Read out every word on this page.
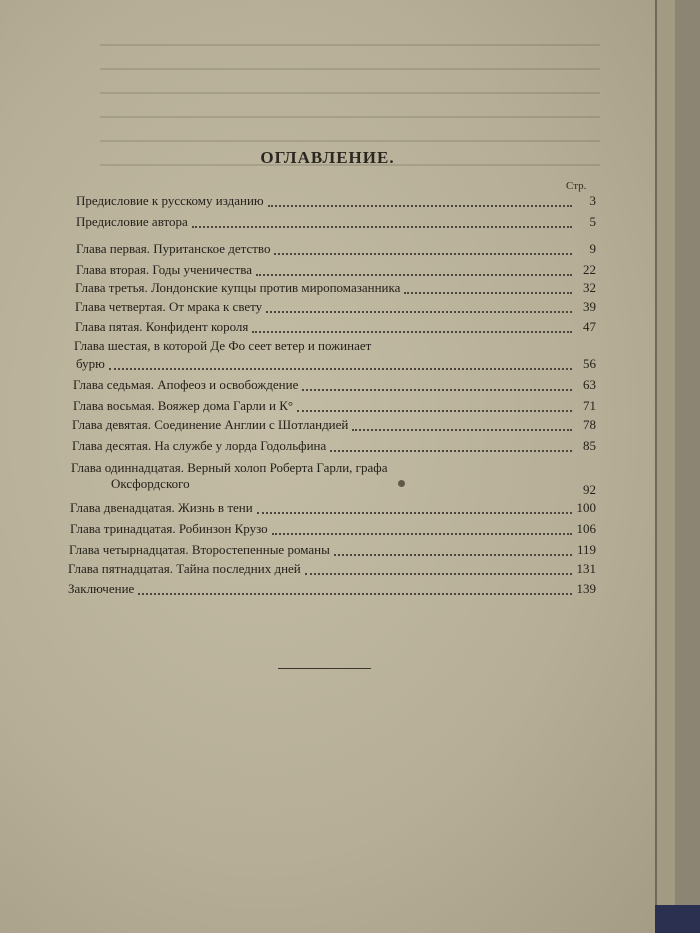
ОГЛАВЛЕНИЕ.
Стр.
Предисловие к русскому изданию	3
Предисловие автора	5
Глава первая. Пуританское детство	9
Глава вторая. Годы ученичества	22
Глава третья. Лондонские купцы против миропомазанника	32
Глава четвертая. От мрака к свету	39
Глава пятая. Конфидент короля	47
Глава шестая, в которой Де Фо сеет ветер и пожинает
бурю	56
Глава седьмая. Апофеоз и освобождение	63
Глава восьмая. Вояжер дома Гарли и К°	71
Глава девятая. Соединение Англии с Шотландией	78
Глава десятая. На службе у лорда Годольфина	85
Глава одиннадцатая. Верный холоп Роберта Гарли, графа
Оксфордского	92
Глава двенадцатая. Жизнь в тени	100
Глава тринадцатая. Робинзон Крузо	106
Глава четырнадцатая. Второстепенные романы	119
Глава пятнадцатая. Тайна последних дней	131
Заключение	139
